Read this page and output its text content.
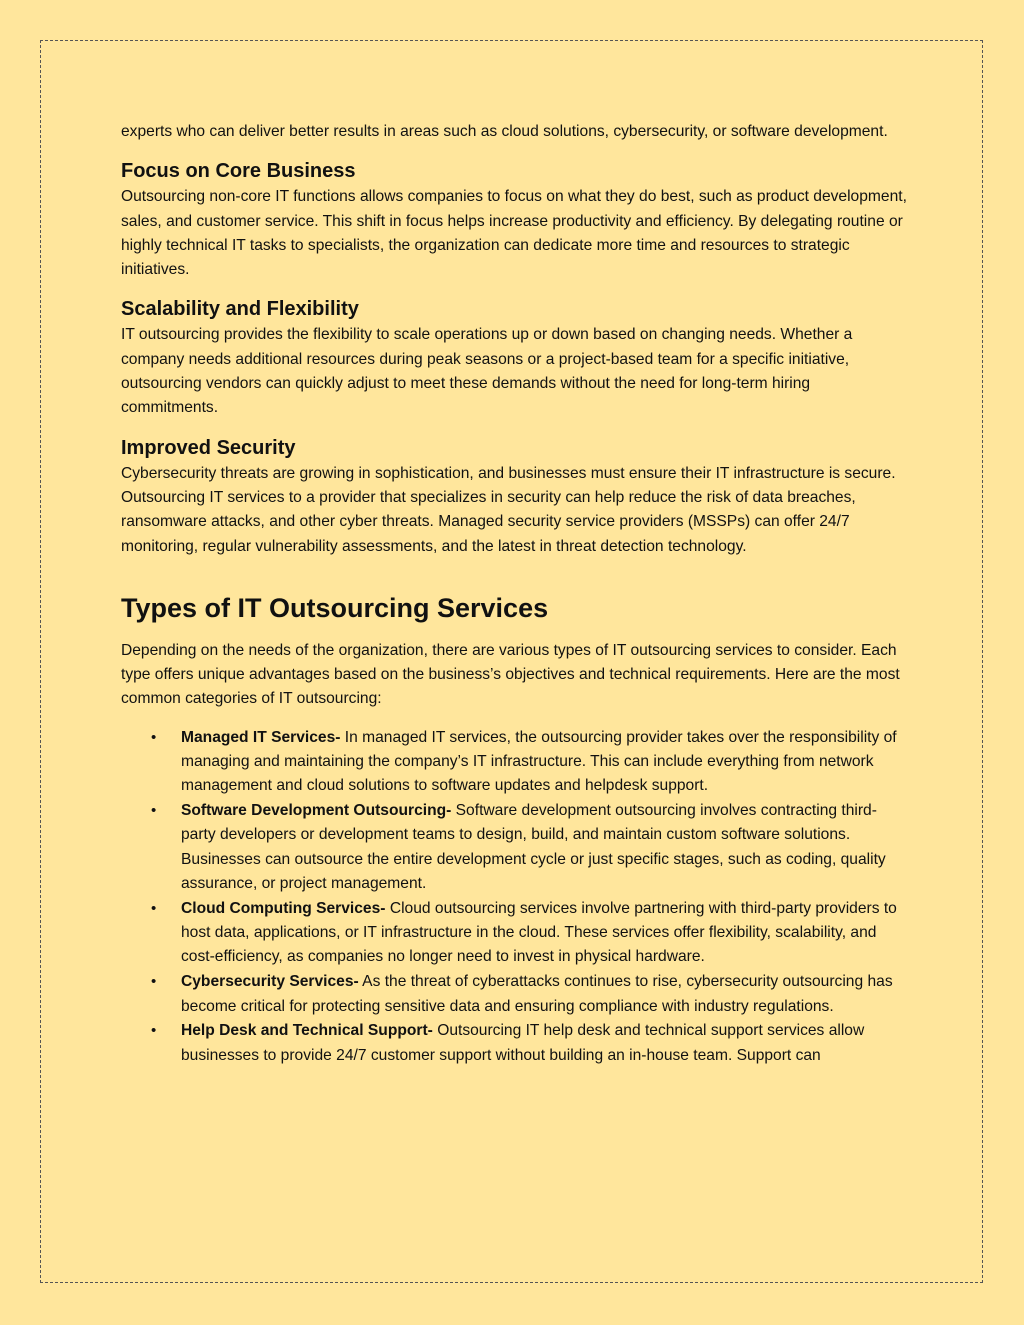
experts who can deliver better results in areas such as cloud solutions, cybersecurity, or software development.

Focus on Core Business

Outsourcing non-core IT functions allows companies to focus on what they do best, such as product development, sales, and customer service. This shift in focus helps increase productivity and efficiency. By delegating routine or highly technical IT tasks to specialists, the organization can dedicate more time and resources to strategic initiatives.

Scalability and Flexibility

IT outsourcing provides the flexibility to scale operations up or down based on changing needs. Whether a company needs additional resources during peak seasons or a project-based team for a specific initiative, outsourcing vendors can quickly adjust to meet these demands without the need for long-term hiring commitments.

Improved Security

Cybersecurity threats are growing in sophistication, and businesses must ensure their IT infrastructure is secure. Outsourcing IT services to a provider that specializes in security can help reduce the risk of data breaches, ransomware attacks, and other cyber threats. Managed security service providers (MSSPs) can offer 24/7 monitoring, regular vulnerability assessments, and the latest in threat detection technology.

Types of IT Outsourcing Services

Depending on the needs of the organization, there are various types of IT outsourcing services to consider. Each type offers unique advantages based on the business’s objectives and technical requirements. Here are the most common categories of IT outsourcing:

• Managed IT Services- In managed IT services, the outsourcing provider takes over the responsibility of managing and maintaining the company’s IT infrastructure. This can include everything from network management and cloud solutions to software updates and helpdesk support.
• Software Development Outsourcing- Software development outsourcing involves contracting third-party developers or development teams to design, build, and maintain custom software solutions. Businesses can outsource the entire development cycle or just specific stages, such as coding, quality assurance, or project management.
• Cloud Computing Services- Cloud outsourcing services involve partnering with third-party providers to host data, applications, or IT infrastructure in the cloud. These services offer flexibility, scalability, and cost-efficiency, as companies no longer need to invest in physical hardware.
• Cybersecurity Services- As the threat of cyberattacks continues to rise, cybersecurity outsourcing has become critical for protecting sensitive data and ensuring compliance with industry regulations.
• Help Desk and Technical Support- Outsourcing IT help desk and technical support services allow businesses to provide 24/7 customer support without building an in-house team. Support can
